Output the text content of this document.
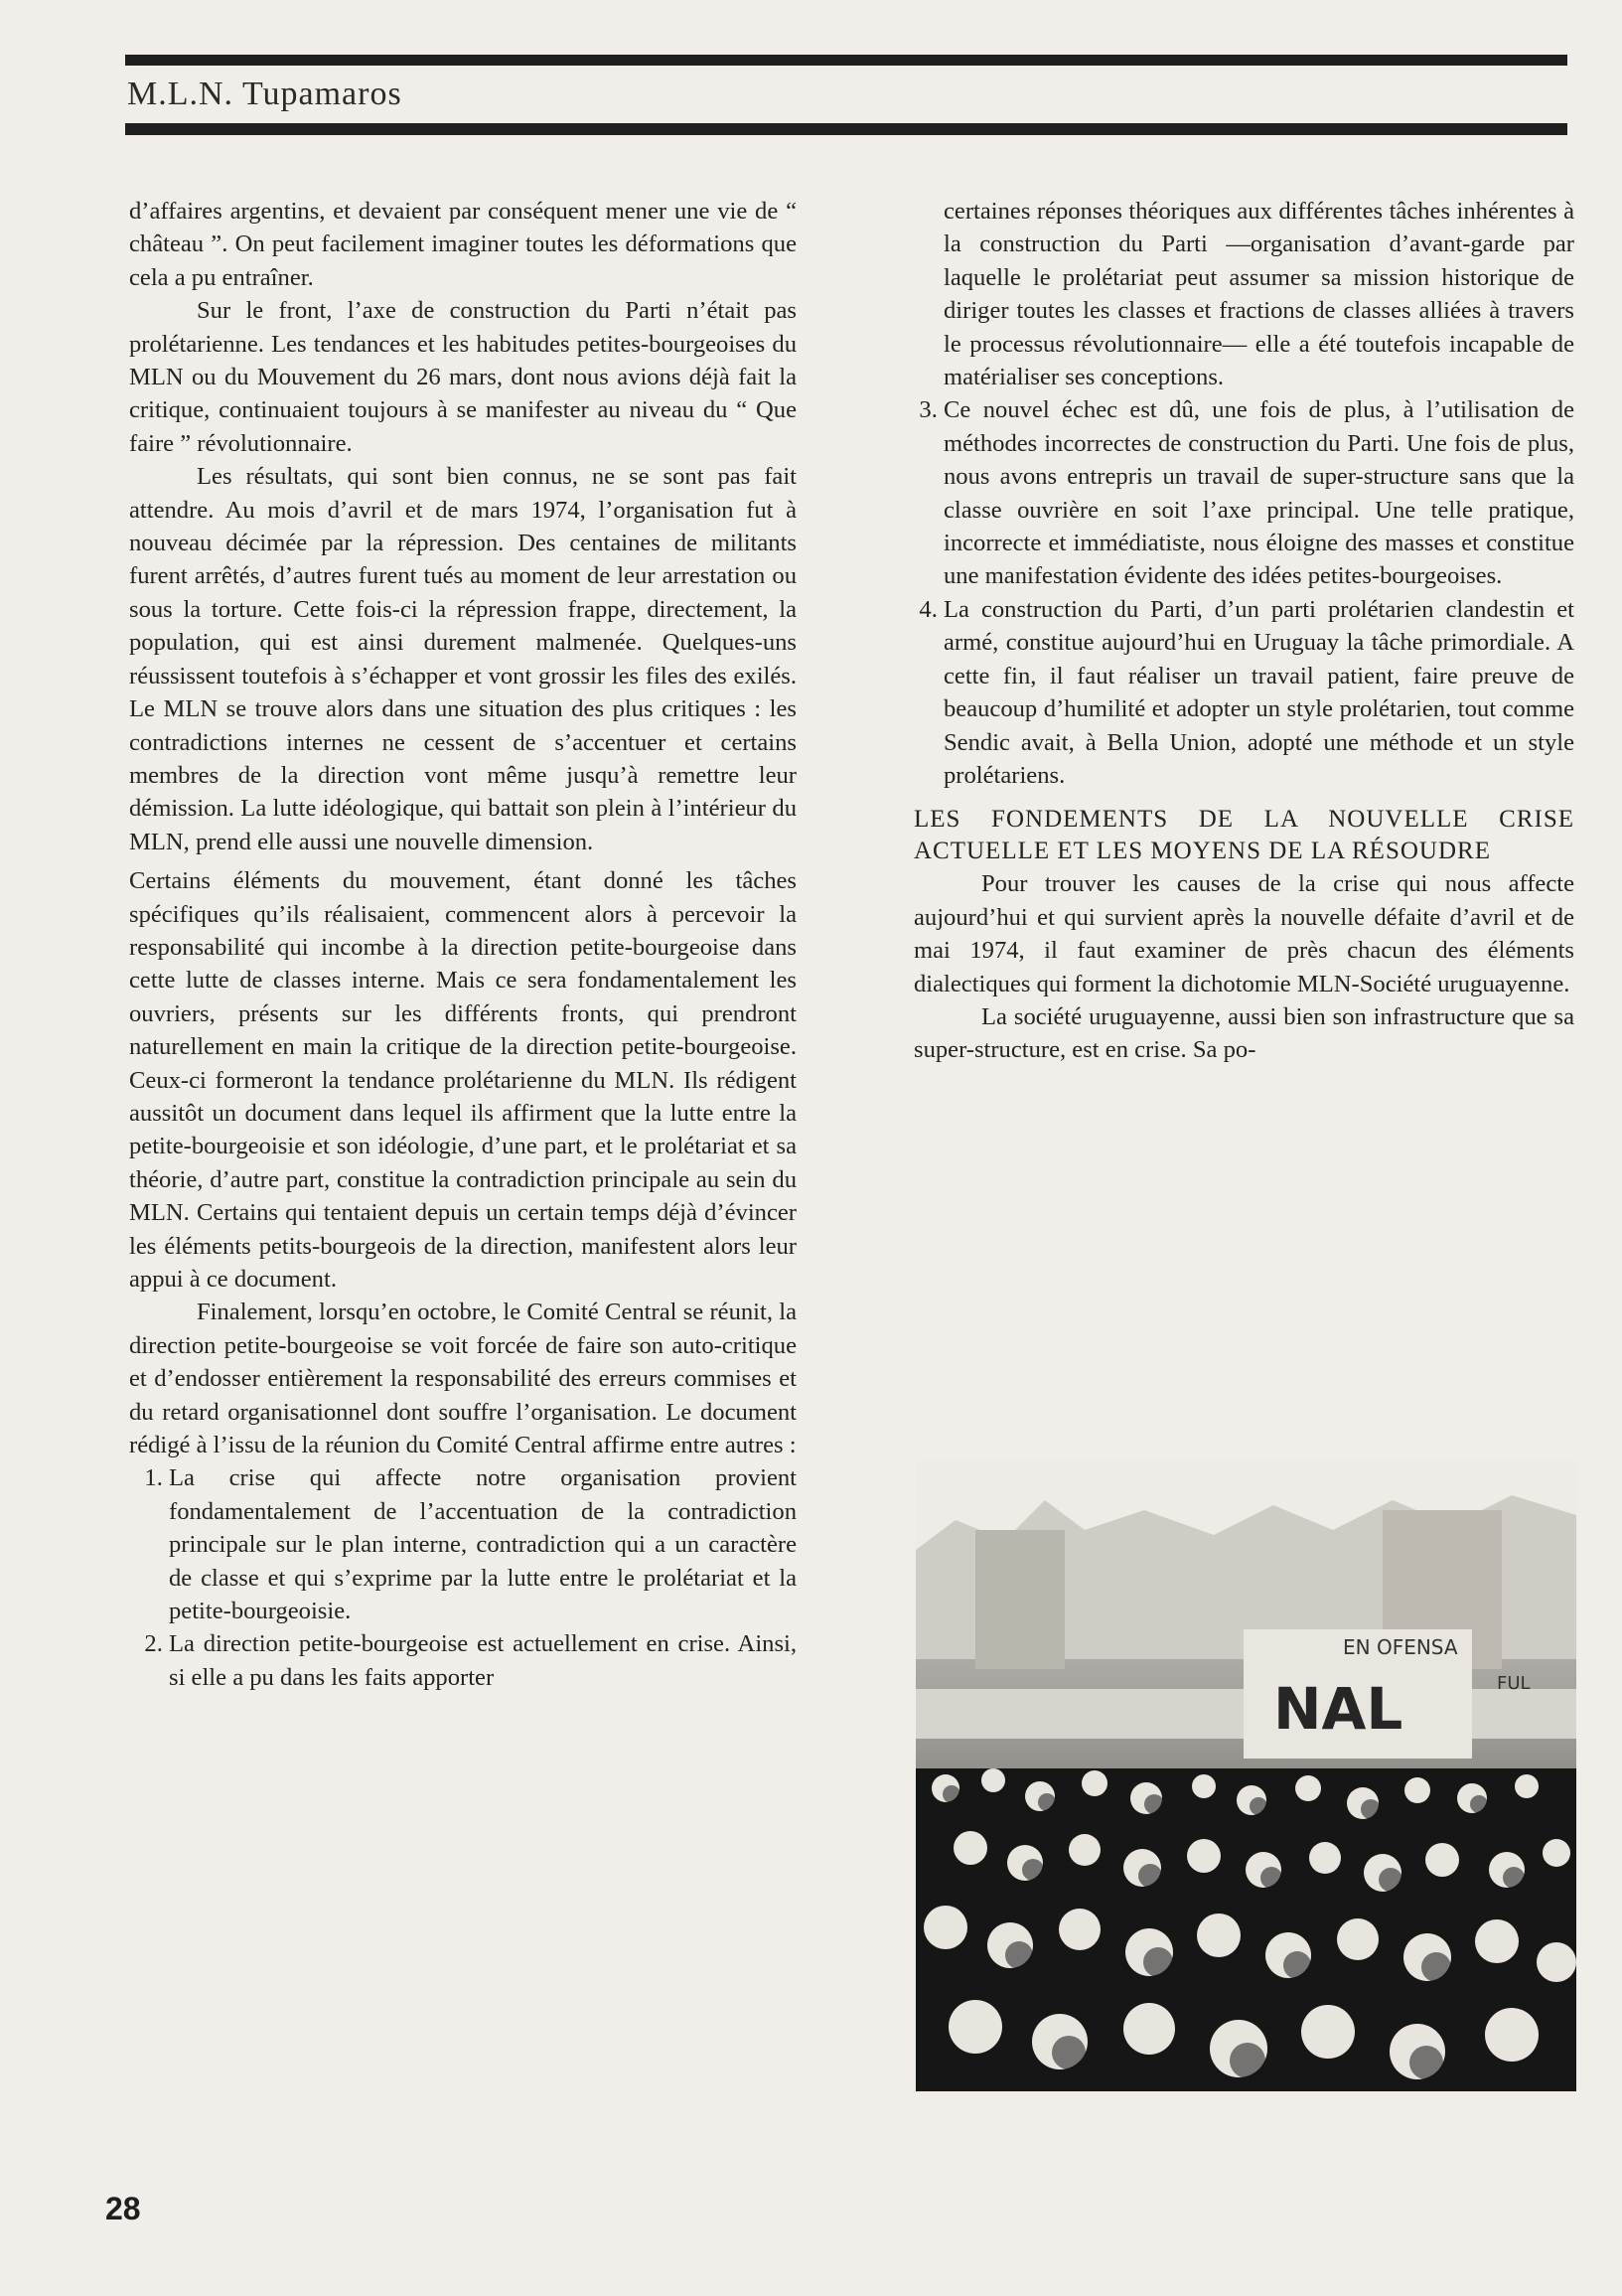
M.L.N. Tupamaros

d’affaires argentins, et devaient par conséquent mener une vie de “ château ”. On peut facilement imaginer toutes les déformations que cela a pu entraîner.

Sur le front, l’axe de construction du Parti n’était pas prolétarienne. Les tendances et les habitudes petites-bourgeoises du MLN ou du Mouvement du 26 mars, dont nous avions déjà fait la critique, continuaient toujours à se manifester au niveau du “ Que faire ” révolutionnaire.

Les résultats, qui sont bien connus, ne se sont pas fait attendre. Au mois d’avril et de mars 1974, l’organisation fut à nouveau décimée par la répression. Des centaines de militants furent arrêtés, d’autres furent tués au moment de leur arrestation ou sous la torture. Cette fois-ci la répression frappe, directement, la population, qui est ainsi durement malmenée. Quelques-uns réussissent toutefois à s’échapper et vont grossir les files des exilés. Le MLN se trouve alors dans une situation des plus critiques : les contradictions internes ne cessent de s’accentuer et certains membres de la direction vont même jusqu’à remettre leur démission. La lutte idéologique, qui battait son plein à l’intérieur du MLN, prend elle aussi une nouvelle dimension.

Certains éléments du mouvement, étant donné les tâches spécifiques qu’ils réalisaient, commencent alors à percevoir la responsabilité qui incombe à la direction petite-bourgeoise dans cette lutte de classes interne. Mais ce sera fondamentalement les ouvriers, présents sur les différents fronts, qui prendront naturellement en main la critique de la direction petite-bourgeoise. Ceux-ci formeront la tendance prolétarienne du MLN. Ils rédigent aussitôt un document dans lequel ils affirment que la lutte entre la petite-bourgeoisie et son idéologie, d’une part, et le prolétariat et sa théorie, d’autre part, constitue la contradiction principale au sein du MLN. Certains qui tentaient depuis un certain temps déjà d’évincer les éléments petits-bourgeois de la direction, manifestent alors leur appui à ce document.

Finalement, lorsqu’en octobre, le Comité Central se réunit, la direction petite-bourgeoise se voit forcée de faire son auto-critique et d’endosser entièrement la responsabilité des erreurs commises et du retard organisationnel dont souffre l’organisation. Le document rédigé à l’issu de la réunion du Comité Central affirme entre autres :

1. La crise qui affecte notre organisation provient fondamentalement de l’accentuation de la contradiction principale sur le plan interne, contradiction qui a un caractère de classe et qui s’exprime par la lutte entre le prolétariat et la petite-bourgeoisie.
2. La direction petite-bourgeoise est actuellement en crise. Ainsi, si elle a pu dans les faits apporter

certaines réponses théoriques aux différentes tâches inhérentes à la construction du Parti —organisation d’avant-garde par laquelle le prolétariat peut assumer sa mission historique de diriger toutes les classes et fractions de classes alliées à travers le processus révolutionnaire— elle a été toutefois incapable de matérialiser ses conceptions.

3. Ce nouvel échec est dû, une fois de plus, à l’utilisation de méthodes incorrectes de construction du Parti. Une fois de plus, nous avons entrepris un travail de super-structure sans que la classe ouvrière en soit l’axe principal. Une telle pratique, incorrecte et immédiatiste, nous éloigne des masses et constitue une manifestation évidente des idées petites-bourgeoises.
4. La construction du Parti, d’un parti prolétarien clandestin et armé, constitue aujourd’hui en Uruguay la tâche primordiale. A cette fin, il faut réaliser un travail patient, faire preuve de beaucoup d’humilité et adopter un style prolétarien, tout comme Sendic avait, à Bella Union, adopté une méthode et un style prolétariens.
LES FONDEMENTS DE LA NOUVELLE CRISE ACTUELLE ET LES MOYENS DE LA RÉSOUDRE

Pour trouver les causes de la crise qui nous affecte aujourd’hui et qui survient après la nouvelle défaite d’avril et de mai 1974, il faut examiner de près chacun des éléments dialectiques qui forment la dichotomie MLN-Société uruguayenne.

La société uruguayenne, aussi bien son infrastructure que sa super-structure, est en crise. Sa po-

NAL
EN OFENSA
FUL
28
